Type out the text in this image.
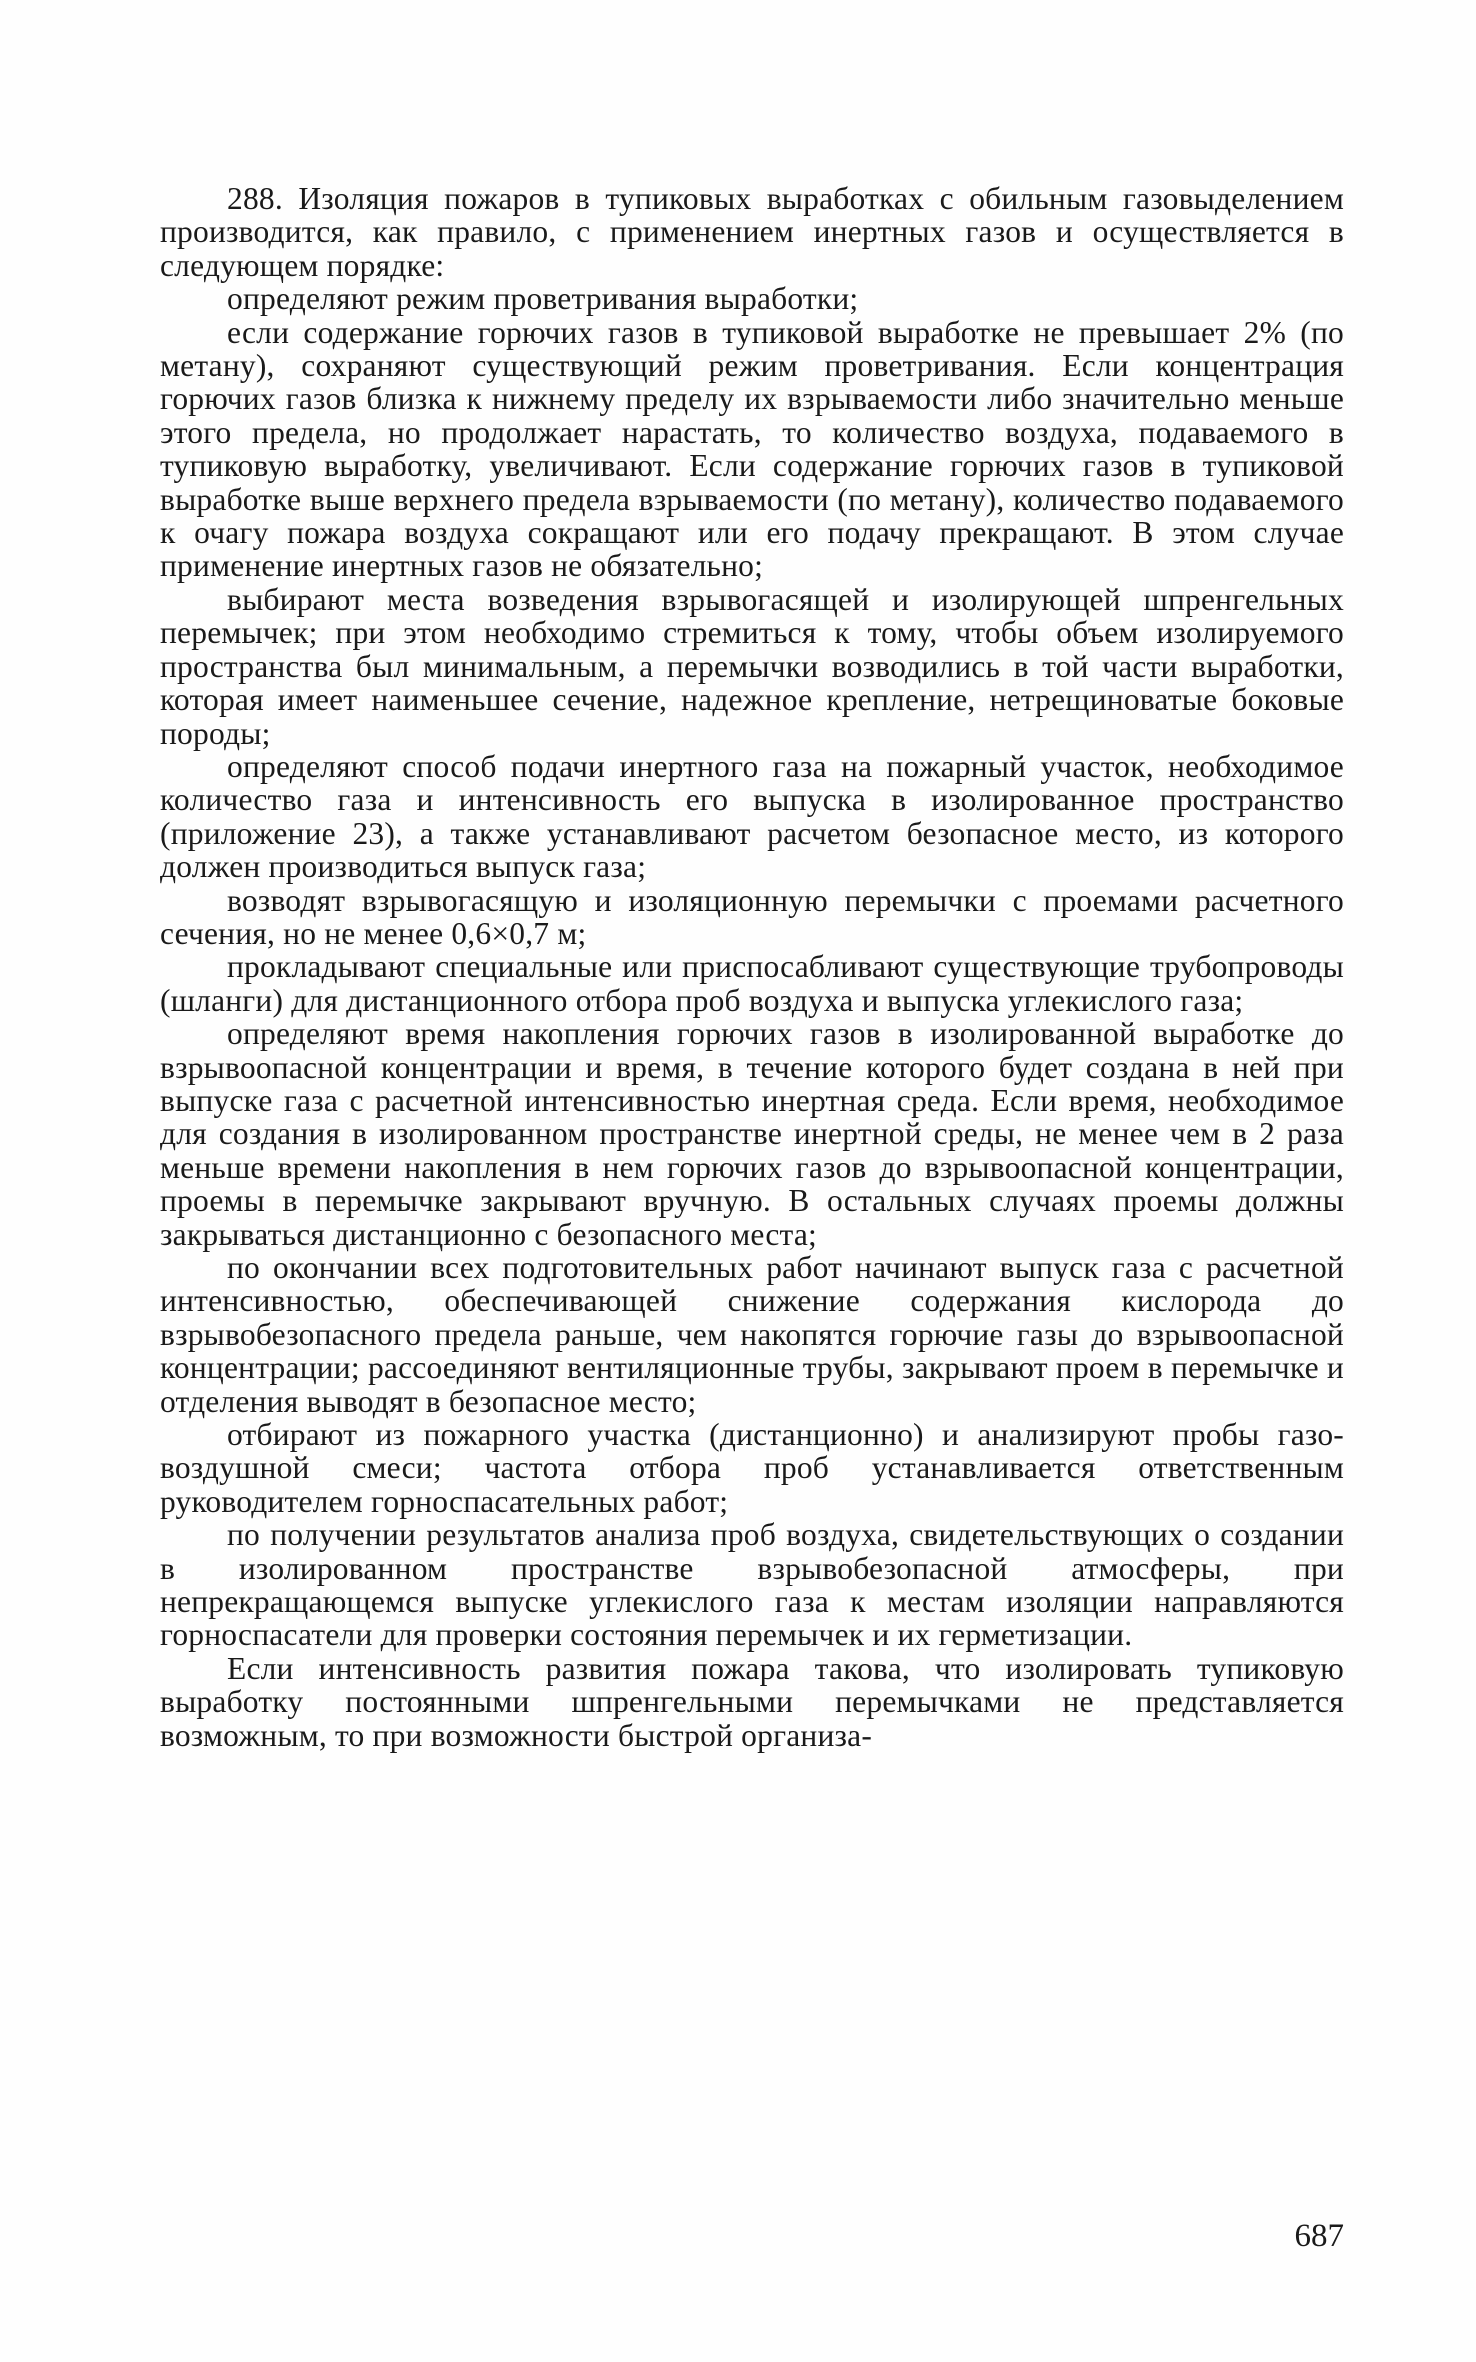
288. Изоляция пожаров в тупиковых выработках с обильным газовыделением производится, как правило, с применением инертных газов и осуществляется в следующем порядке:

определяют режим проветривания выработки;

если содержание горючих газов в тупиковой выработке не превышает 2% (по метану), сохраняют существующий режим проветривания. Если концентрация горючих газов близка к нижнему пределу их взрываемости либо значительно меньше этого предела, но продолжает нарастать, то количество воздуха, подаваемого в тупиковую выработку, увеличивают. Если содержание горючих газов в тупиковой выработке выше верхнего предела взрываемости (по метану), количество подаваемого к очагу пожара воздуха сокращают или его подачу прекращают. В этом случае применение инертных газов не обязательно;

выбирают места возведения взрывогасящей и изолирующей шпренгельных перемычек; при этом необходимо стремиться к тому, чтобы объем изолируемого пространства был минимальным, а перемычки возводились в той части выработки, которая имеет наименьшее сечение, надежное крепление, нетрещиноватые боковые породы;

определяют способ подачи инертного газа на пожарный участок, необходимое количество газа и интенсивность его выпуска в изолированное пространство (приложение 23), а также устанавливают расчетом безопасное место, из которого должен производиться выпуск газа;

возводят взрывогасящую и изоляционную перемычки с проемами расчетного сечения, но не менее 0,6×0,7 м;

прокладывают специальные или приспосабливают существующие трубопроводы (шланги) для дистанционного отбора проб воздуха и выпуска углекислого газа;

определяют время накопления горючих газов в изолированной выработке до взрывоопасной концентрации и время, в течение которого будет создана в ней при выпуске газа с расчетной интенсивностью инертная среда. Если время, необходимое для создания в изолированном пространстве инертной среды, не менее чем в 2 раза меньше времени накопления в нем горючих газов до взрывоопасной концентрации, проемы в перемычке закрывают вручную. В остальных случаях проемы должны закрываться дистанционно с безопасного места;

по окончании всех подготовительных работ начинают выпуск газа с расчетной интенсивностью, обеспечивающей снижение содержания кислорода до взрывобезопасного предела раньше, чем накопятся горючие газы до взрывоопасной концентрации; рассоединяют вентиляционные трубы, закрывают проем в перемычке и отделения выводят в безопасное место;

отбирают из пожарного участка (дистанционно) и анализируют пробы газо-воздушной смеси; частота отбора проб устанавливается ответственным руководителем горноспасательных работ;

по получении результатов анализа проб воздуха, свидетельствующих о создании в изолированном пространстве взрывобезопасной атмосферы, при непрекращающемся выпуске углекислого газа к местам изоляции направляются горноспасатели для проверки состояния перемычек и их герметизации.

Если интенсивность развития пожара такова, что изолировать тупиковую выработку постоянными шпренгельными перемычками не представляется возможным, то при возможности быстрой организа-

687
